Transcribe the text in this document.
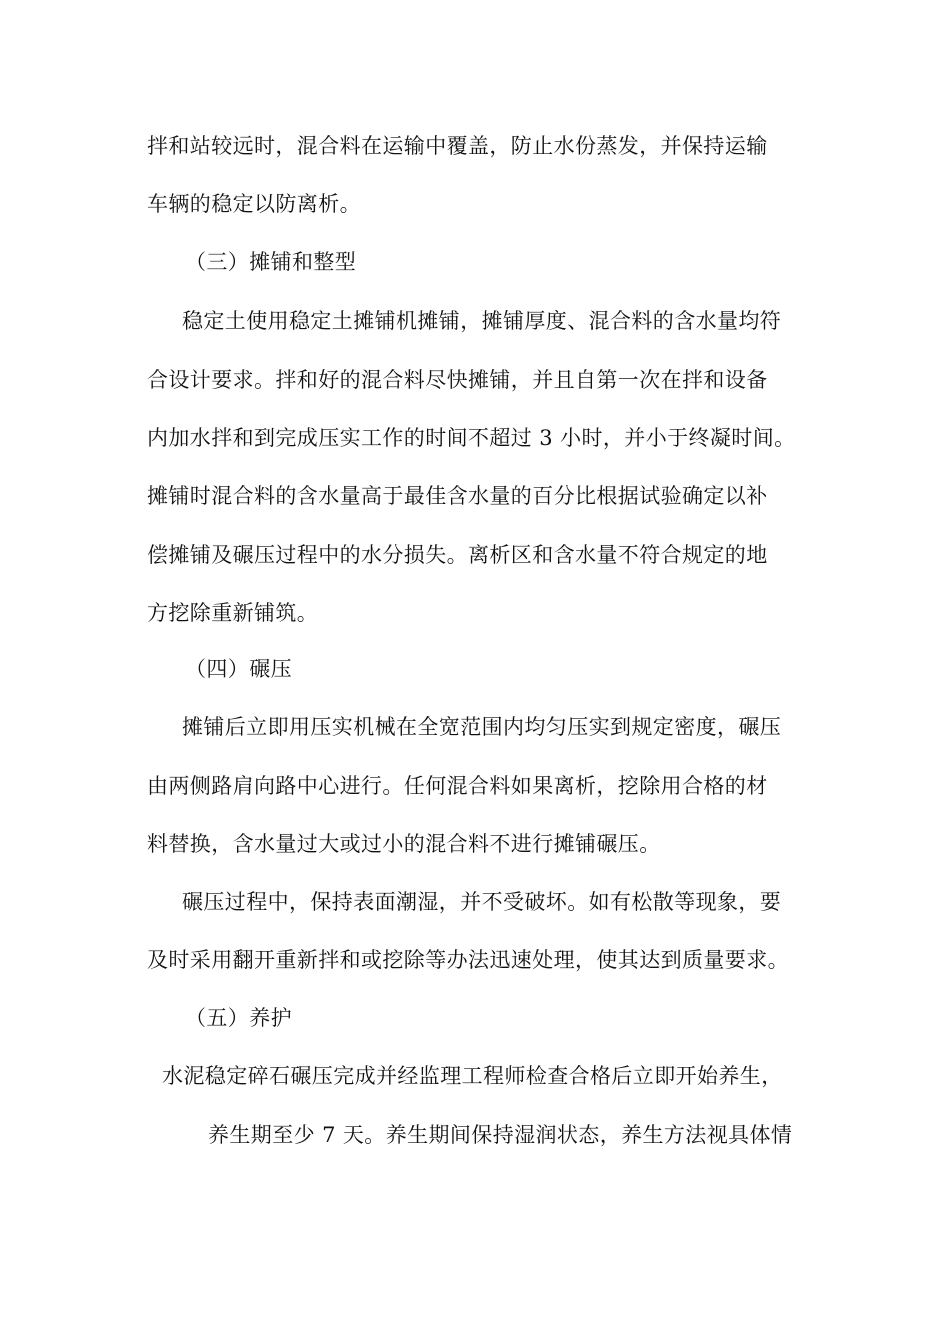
拌和站较远时，混合料在运输中覆盖，防止水份蒸发，并保持运输
车辆的稳定以防离析。
（三）摊铺和整型
稳定土使用稳定土摊铺机摊铺，摊铺厚度、混合料的含水量均符
合设计要求。拌和好的混合料尽快摊铺，并且自第一次在拌和设备
内加水拌和到完成压实工作的时间不超过 3 小时，并小于终凝时间。
摊铺时混合料的含水量高于最佳含水量的百分比根据试验确定以补
偿摊铺及碾压过程中的水分损失。离析区和含水量不符合规定的地
方挖除重新铺筑。
（四）碾压
摊铺后立即用压实机械在全宽范围内均匀压实到规定密度，碾压
由两侧路肩向路中心进行。任何混合料如果离析，挖除用合格的材
料替换，含水量过大或过小的混合料不进行摊铺碾压。
碾压过程中，保持表面潮湿，并不受破坏。如有松散等现象，要
及时采用翻开重新拌和或挖除等办法迅速处理，使其达到质量要求。
（五）养护
水泥稳定碎石碾压完成并经监理工程师检查合格后立即开始养生，
养生期至少 7 天。养生期间保持湿润状态，养生方法视具体情
